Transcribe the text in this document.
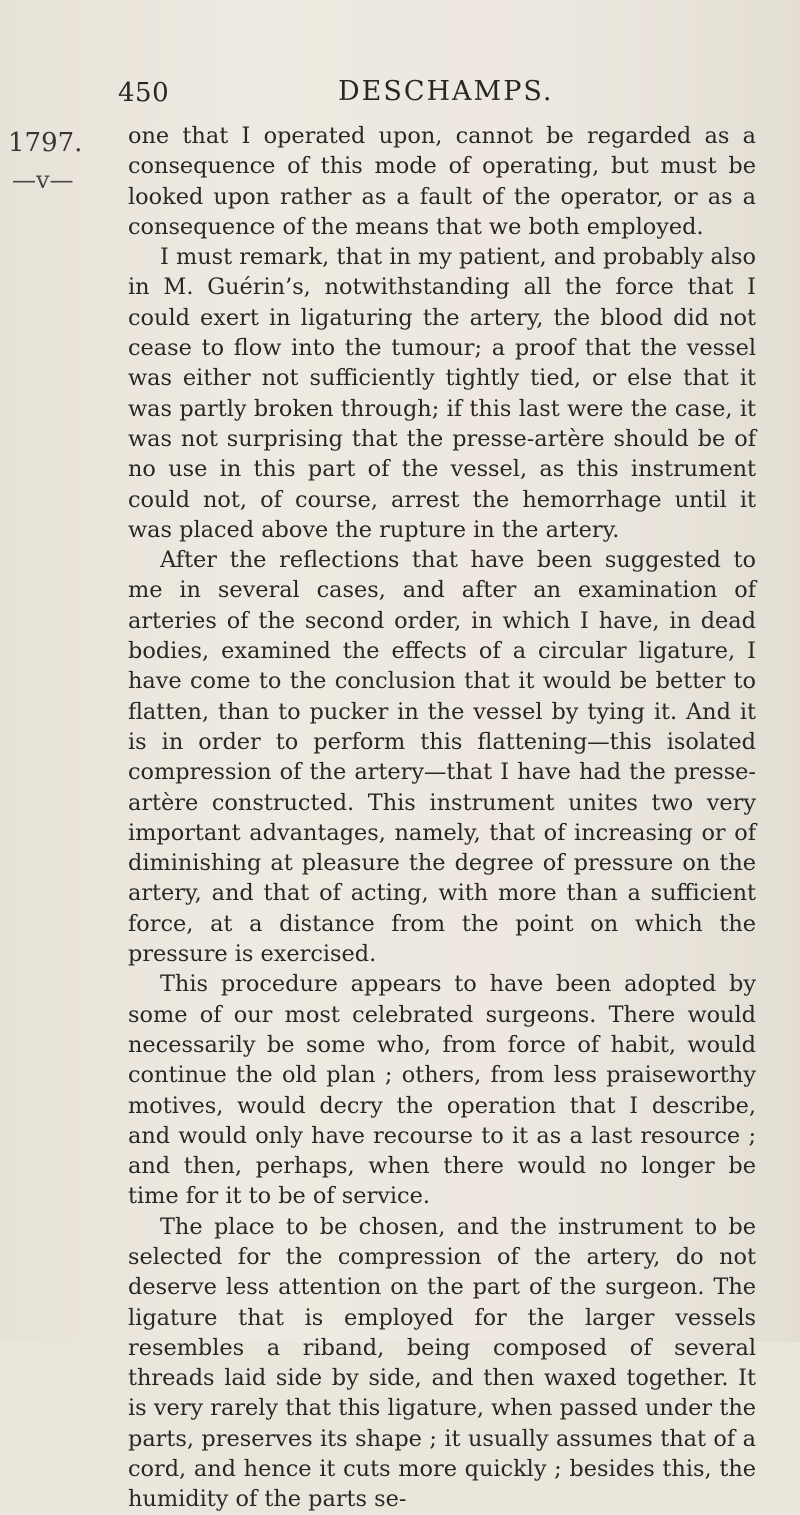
450	DESCHAMPS.
1797.
—v—

one that I operated upon, cannot be regarded as a consequence of this mode of operating, but must be looked upon rather as a fault of the operator, or as a consequence of the means that we both employed.

I must remark, that in my patient, and probably also in M. Guérin’s, notwithstanding all the force that I could exert in ligaturing the artery, the blood did not cease to flow into the tumour; a proof that the vessel was either not sufficiently tightly tied, or else that it was partly broken through; if this last were the case, it was not surprising that the presse-artère should be of no use in this part of the vessel, as this instrument could not, of course, arrest the hemorrhage until it was placed above the rupture in the artery.

After the reflections that have been suggested to me in several cases, and after an examination of arteries of the second order, in which I have, in dead bodies, examined the effects of a circular ligature, I have come to the conclusion that it would be better to flatten, than to pucker in the vessel by tying it. And it is in order to perform this flattening—this isolated compression of the artery—that I have had the presse-artère constructed. This instrument unites two very important advantages, namely, that of increasing or of diminishing at pleasure the degree of pressure on the artery, and that of acting, with more than a sufficient force, at a distance from the point on which the pressure is exercised.

This procedure appears to have been adopted by some of our most celebrated surgeons. There would necessarily be some who, from force of habit, would continue the old plan ; others, from less praiseworthy motives, would decry the operation that I describe, and would only have recourse to it as a last resource ; and then, perhaps, when there would no longer be time for it to be of service.

The place to be chosen, and the instrument to be selected for the compression of the artery, do not deserve less attention on the part of the surgeon. The ligature that is employed for the larger vessels resembles a riband, being composed of several threads laid side by side, and then waxed together. It is very rarely that this ligature, when passed under the parts, preserves its shape ; it usually assumes that of a cord, and hence it cuts more quickly ; besides this, the humidity of the parts se-
